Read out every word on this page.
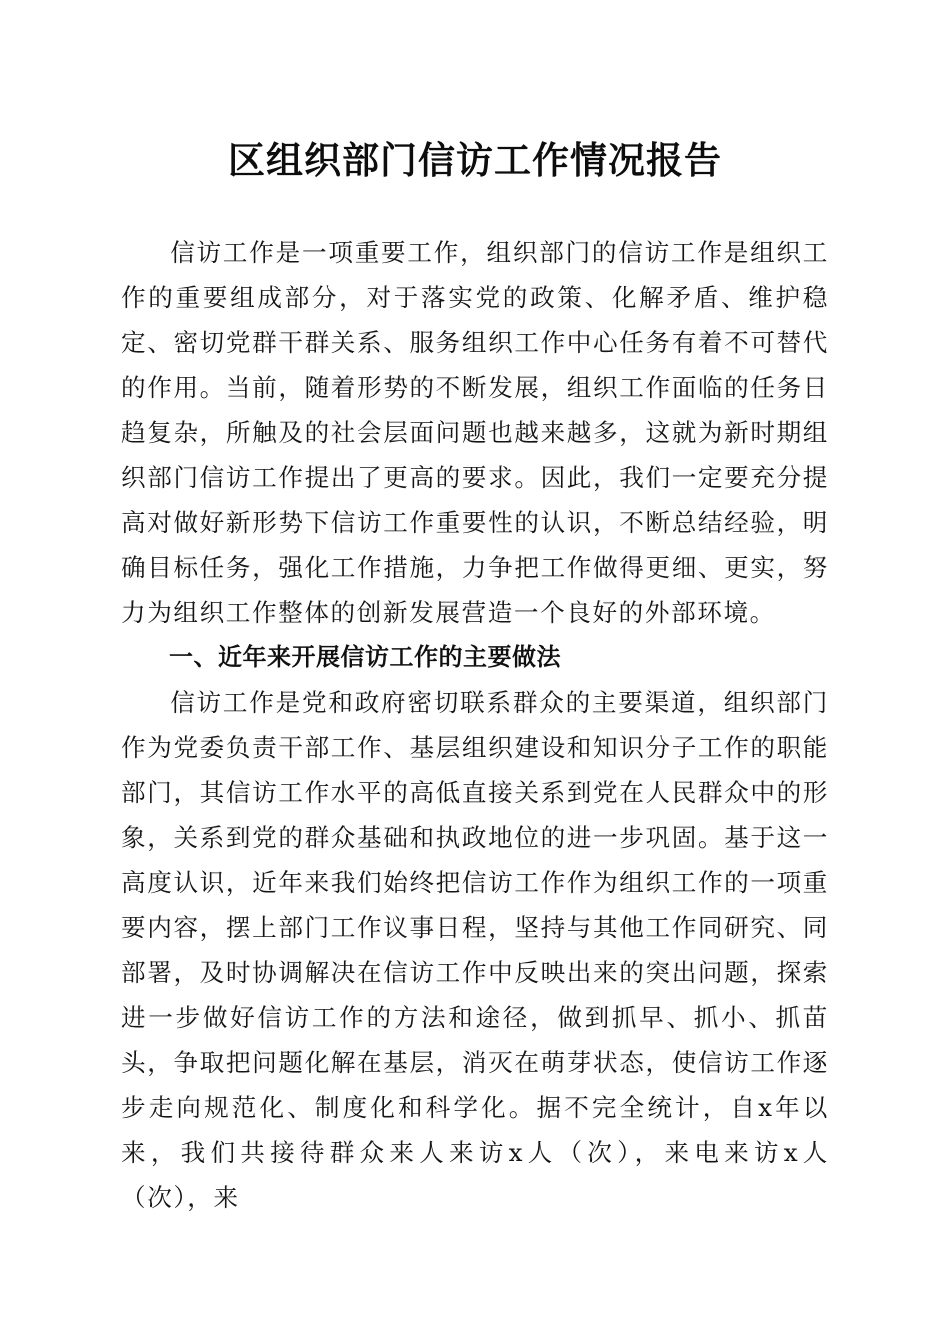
区组织部门信访工作情况报告

信访工作是一项重要工作，组织部门的信访工作是组织工作的重要组成部分，对于落实党的政策、化解矛盾、维护稳定、密切党群干群关系、服务组织工作中心任务有着不可替代的作用。当前，随着形势的不断发展，组织工作面临的任务日趋复杂，所触及的社会层面问题也越来越多，这就为新时期组织部门信访工作提出了更高的要求。因此，我们一定要充分提高对做好新形势下信访工作重要性的认识，不断总结经验，明确目标任务，强化工作措施，力争把工作做得更细、更实，努力为组织工作整体的创新发展营造一个良好的外部环境。

一、近年来开展信访工作的主要做法

信访工作是党和政府密切联系群众的主要渠道，组织部门作为党委负责干部工作、基层组织建设和知识分子工作的职能部门，其信访工作水平的高低直接关系到党在人民群众中的形象，关系到党的群众基础和执政地位的进一步巩固。基于这一高度认识，近年来我们始终把信访工作作为组织工作的一项重要内容，摆上部门工作议事日程，坚持与其他工作同研究、同部署，及时协调解决在信访工作中反映出来的突出问题，探索进一步做好信访工作的方法和途径，做到抓早、抓小、抓苗头，争取把问题化解在基层，消灭在萌芽状态，使信访工作逐步走向规范化、制度化和科学化。据不完全统计，自x年以来，我们共接待群众来人来访x人（次），来电来访x人（次），来
